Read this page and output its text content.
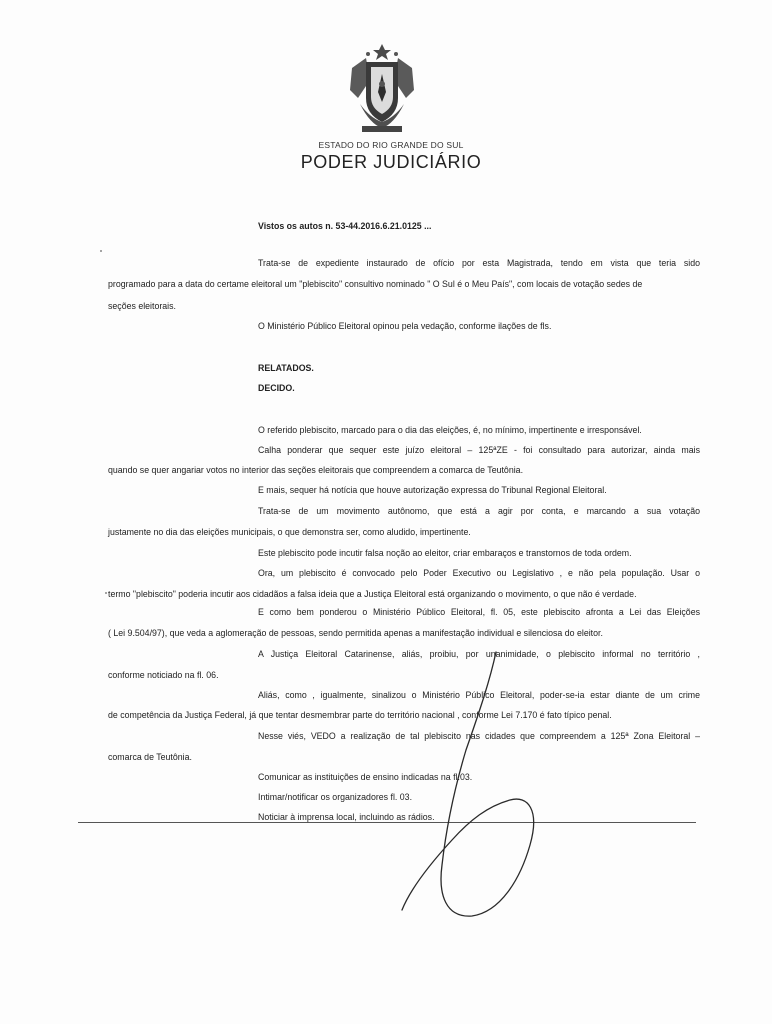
ESTADO DO RIO GRANDE DO SUL
PODER JUDICIÁRIO
Vistos os autos n. 53-44.2016.6.21.0125 ...
Trata-se de expediente instaurado de ofício por esta Magistrada, tendo em vista que teria sido
programado para a data do certame eleitoral um "plebiscito" consultivo nominado " O Sul é o Meu País", com locais de votação sedes de
seções eleitorais.
O Ministério Público Eleitoral opinou pela vedação, conforme ilações de fls.
RELATADOS.
DECIDO.
O referido plebiscito, marcado para o dia das eleições, é, no mínimo, impertinente e irresponsável.
Calha ponderar que sequer este juízo eleitoral – 125ªZE - foi consultado para autorizar, ainda mais
quando se quer angariar votos no interior das seções eleitorais que compreendem a comarca de Teutônia.
E mais, sequer há notícia que houve autorização expressa do Tribunal Regional Eleitoral.
Trata-se de um movimento autônomo, que está a agir por conta, e marcando a sua votação
justamente no dia das eleições municipais, o que demonstra ser, como aludido, impertinente.
Este plebiscito pode incutir falsa noção ao eleitor, criar embaraços e transtornos de toda ordem.
Ora, um plebiscito é convocado pelo Poder Executivo ou Legislativo , e não pela população. Usar o
termo "plebiscito" poderia incutir aos cidadãos a falsa ideia que a Justiça Eleitoral está organizando o movimento, o que não é verdade.
E como bem ponderou o Ministério Público Eleitoral, fl. 05, este plebiscito afronta a Lei das Eleições
( Lei 9.504/97), que veda a aglomeração de pessoas, sendo permitida apenas a manifestação individual e silenciosa do eleitor.
A Justiça Eleitoral Catarinense, aliás, proibiu, por unanimidade, o plebiscito informal no território ,
conforme noticiado na fl. 06.
Aliás, como , igualmente, sinalizou o Ministério Público Eleitoral, poder-se-ia estar diante de um crime
de competência da Justiça Federal, já que tentar desmembrar parte do território nacional , conforme Lei 7.170 é fato típico penal.
Nesse viés, VEDO a realização de tal plebiscito nas cidades que compreendem a 125ª Zona Eleitoral –
comarca de Teutônia.
Comunicar as instituições de ensino indicadas na fl.03.
Intimar/notificar os organizadores fl. 03.
Noticiar à imprensa local, incluindo as rádios.
